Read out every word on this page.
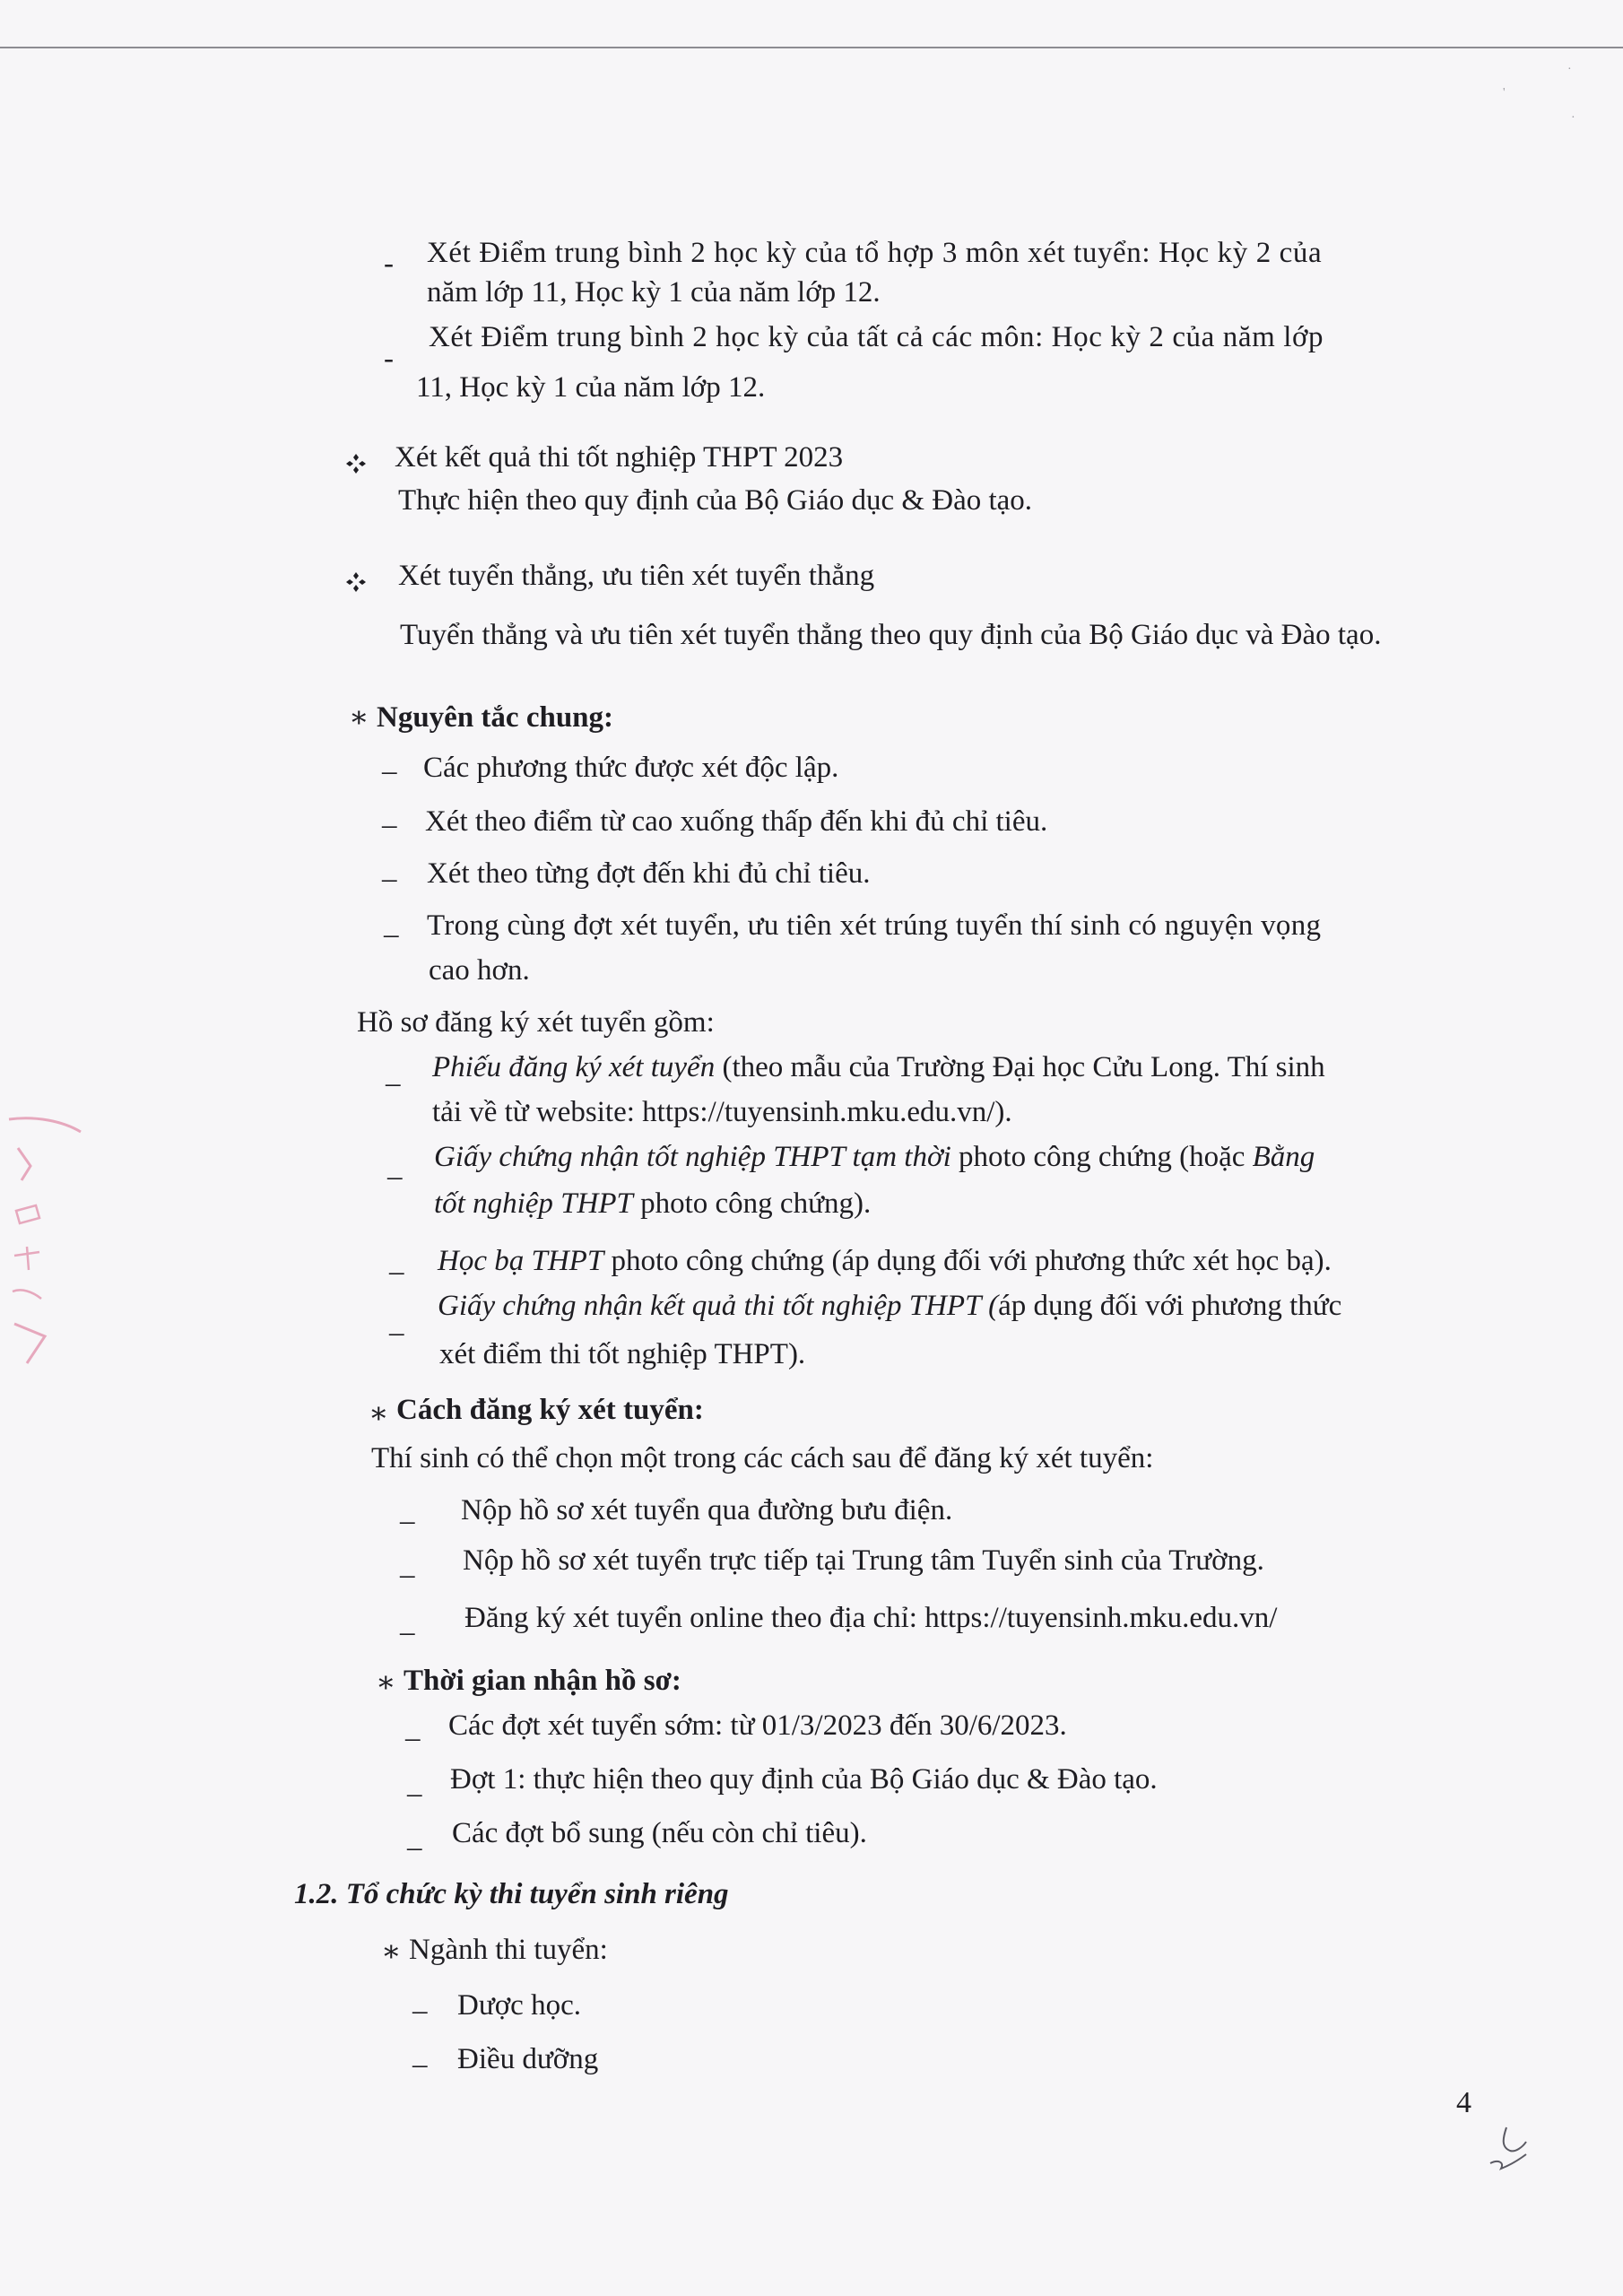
·
'
·
- Xét Điểm trung bình 2 học kỳ của tổ hợp 3 môn xét tuyển: Học kỳ 2 của
năm lớp 11, Học kỳ 1 của năm lớp 12.
-
Xét Điểm trung bình 2 học kỳ của tất cả các môn: Học kỳ 2 của năm lớp
11, Học kỳ 1 của năm lớp 12.
Xét kết quả thi tốt nghiệp THPT 2023
Thực hiện theo quy định của Bộ Giáo dục & Đào tạo.
Xét tuyển thẳng, ưu tiên xét tuyển thẳng
Tuyển thẳng và ưu tiên xét tuyển thẳng theo quy định của Bộ Giáo dục và Đào tạo.
* Nguyên tắc chung:
– Các phương thức được xét độc lập.
– Xét theo điểm từ cao xuống thấp đến khi đủ chỉ tiêu.
– Xét theo từng đợt đến khi đủ chỉ tiêu.
– Trong cùng đợt xét tuyển, ưu tiên xét trúng tuyển thí sinh có nguyện vọng
cao hơn.
Hồ sơ đăng ký xét tuyển gồm:
– Phiếu đăng ký xét tuyển (theo mẫu của Trường Đại học Cửu Long. Thí sinh
tải về từ website: https://tuyensinh.mku.edu.vn/).
–
Giấy chứng nhận tốt nghiệp THPT tạm thời photo công chứng (hoặc Bằng
tốt nghiệp THPT photo công chứng).
– Học bạ THPT photo công chứng (áp dụng đối với phương thức xét học bạ).
–
Giấy chứng nhận kết quả thi tốt nghiệp THPT (áp dụng đối với phương thức
xét điểm thi tốt nghiệp THPT).
* Cách đăng ký xét tuyển:
Thí sinh có thể chọn một trong các cách sau để đăng ký xét tuyển:
– Nộp hồ sơ xét tuyển qua đường bưu điện.
– Nộp hồ sơ xét tuyển trực tiếp tại Trung tâm Tuyển sinh của Trường.
– Đăng ký xét tuyển online theo địa chỉ: https://tuyensinh.mku.edu.vn/
* Thời gian nhận hồ sơ:
– Các đợt xét tuyển sớm: từ 01/3/2023 đến 30/6/2023.
– Đợt 1: thực hiện theo quy định của Bộ Giáo dục & Đào tạo.
– Các đợt bổ sung (nếu còn chỉ tiêu).
1.2. Tổ chức kỳ thi tuyển sinh riêng
* Ngành thi tuyển:
– Dược học.
– Điều dưỡng
4
